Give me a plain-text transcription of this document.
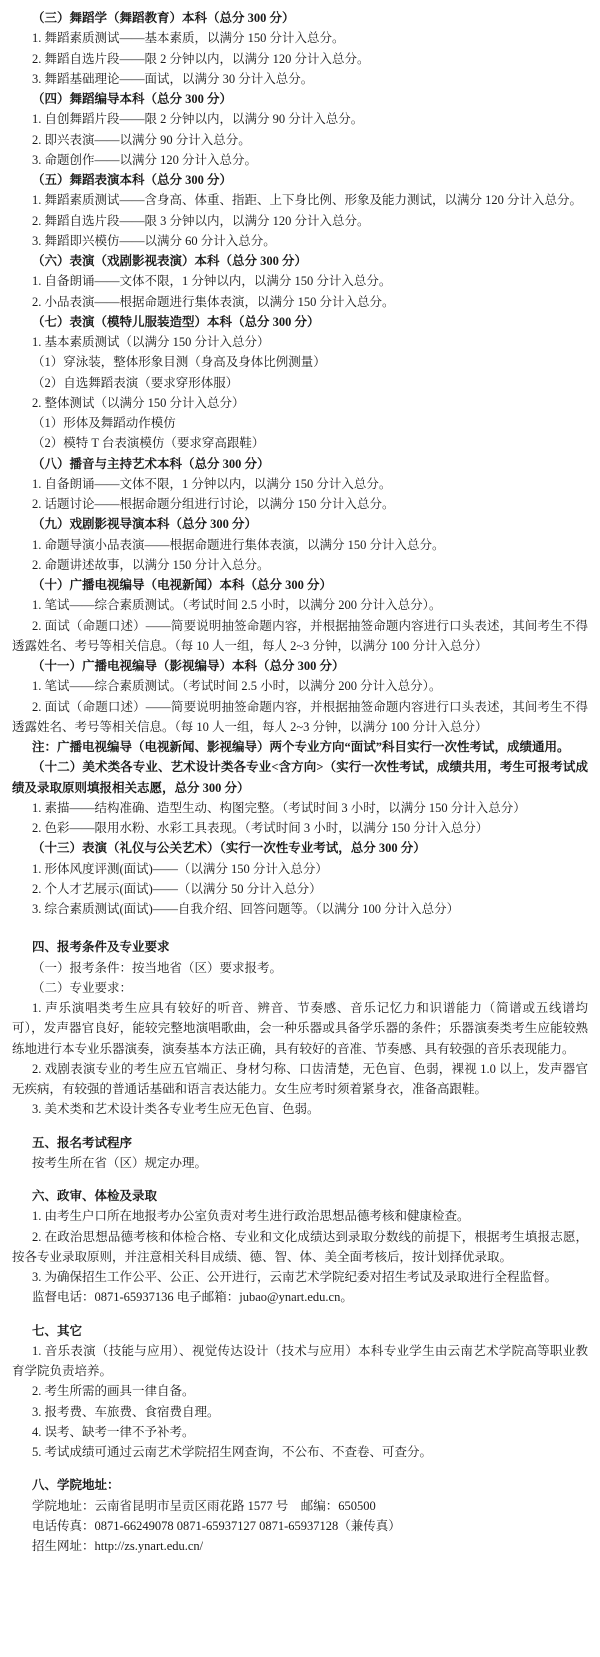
（三）舞蹈学（舞蹈教育）本科（总分 300 分）

1. 舞蹈素质测试——基本素质，以满分 150 分计入总分。

2. 舞蹈自选片段——限 2 分钟以内，以满分 120 分计入总分。

3. 舞蹈基础理论——面试，以满分 30 分计入总分。

（四）舞蹈编导本科（总分 300 分）

1. 自创舞蹈片段——限 2 分钟以内，以满分 90 分计入总分。

2. 即兴表演——以满分 90 分计入总分。

3. 命题创作——以满分 120 分计入总分。

（五）舞蹈表演本科（总分 300 分）

1. 舞蹈素质测试——含身高、体重、指距、上下身比例、形象及能力测试，以满分 120 分计入总分。

2. 舞蹈自选片段——限 3 分钟以内，以满分 120 分计入总分。

3. 舞蹈即兴模仿——以满分 60 分计入总分。

（六）表演（戏剧影视表演）本科（总分 300 分）

1. 自备朗诵——文体不限，1 分钟以内，以满分 150 分计入总分。

2. 小品表演——根据命题进行集体表演，以满分 150 分计入总分。

（七）表演（模特儿服装造型）本科（总分 300 分）

1. 基本素质测试（以满分 150 分计入总分）

（1）穿泳装，整体形象目测（身高及身体比例测量）

（2）自选舞蹈表演（要求穿形体服）

2. 整体测试（以满分 150 分计入总分）

（1）形体及舞蹈动作模仿

（2）模特 T 台表演模仿（要求穿高跟鞋）

（八）播音与主持艺术本科（总分 300 分）

1. 自备朗诵——文体不限，1 分钟以内，以满分 150 分计入总分。

2. 话题讨论——根据命题分组进行讨论，以满分 150 分计入总分。

（九）戏剧影视导演本科（总分 300 分）

1. 命题导演小品表演——根据命题进行集体表演，以满分 150 分计入总分。

2. 命题讲述故事，以满分 150 分计入总分。

（十）广播电视编导（电视新闻）本科（总分 300 分）

1. 笔试——综合素质测试。（考试时间 2.5 小时，以满分 200 分计入总分）。

2. 面试（命题口述）——简要说明抽签命题内容，并根据抽签命题内容进行口头表述，其间考生不得透露姓名、考号等相关信息。（每 10 人一组，每人 2~3 分钟，以满分 100 分计入总分）

（十一）广播电视编导（影视编导）本科（总分 300 分）

1. 笔试——综合素质测试。（考试时间 2.5 小时，以满分 200 分计入总分）。

2. 面试（命题口述）——简要说明抽签命题内容，并根据抽签命题内容进行口头表述，其间考生不得透露姓名、考号等相关信息。（每 10 人一组，每人 2~3 分钟，以满分 100 分计入总分）

注：广播电视编导（电视新闻、影视编导）两个专业方向“面试”科目实行一次性考试，成绩通用。

（十二）美术类各专业、艺术设计类各专业<含方向>（实行一次性考试，成绩共用，考生可报考试成绩及录取原则填报相关志愿，总分 300 分）

1. 素描——结构准确、造型生动、构图完整。（考试时间 3 小时，以满分 150 分计入总分）

2. 色彩——限用水粉、水彩工具表现。（考试时间 3 小时，以满分 150 分计入总分）

（十三）表演（礼仪与公关艺术）（实行一次性专业考试，总分 300 分）

1. 形体风度评测(面试)——（以满分 150 分计入总分）

2. 个人才艺展示(面试)——（以满分 50 分计入总分）

3. 综合素质测试(面试)——自我介绍、回答问题等。（以满分 100 分计入总分）

四、报考条件及专业要求

（一）报考条件：按当地省（区）要求报考。

（二）专业要求：

1. 声乐演唱类考生应具有较好的听音、辨音、节奏感、音乐记忆力和识谱能力（简谱或五线谱均可），发声器官良好，能较完整地演唱歌曲，会一种乐器或具备学乐器的条件；乐器演奏类考生应能较熟练地进行本专业乐器演奏，演奏基本方法正确，具有较好的音准、节奏感、具有较强的音乐表现能力。

2. 戏剧表演专业的考生应五官端正、身材匀称、口齿清楚，无色盲、色弱，裸视 1.0 以上，发声器官无疾病，有较强的普通话基础和语言表达能力。女生应考时须着紧身衣，准备高跟鞋。

3. 美术类和艺术设计类各专业考生应无色盲、色弱。

五、报名考试程序

按考生所在省（区）规定办理。

六、政审、体检及录取

1. 由考生户口所在地报考办公室负责对考生进行政治思想品德考核和健康检查。

2. 在政治思想品德考核和体检合格、专业和文化成绩达到录取分数线的前提下，根据考生填报志愿，按各专业录取原则，并注意相关科目成绩、德、智、体、美全面考核后，按计划择优录取。

3. 为确保招生工作公平、公正、公开进行，云南艺术学院纪委对招生考试及录取进行全程监督。

监督电话：0871-65937136 电子邮箱：jubao@ynart.edu.cn。

七、其它

1. 音乐表演（技能与应用）、视觉传达设计（技术与应用）本科专业学生由云南艺术学院高等职业教育学院负责培养。

2. 考生所需的画具一律自备。

3. 报考费、车旅费、食宿费自理。

4. 误考、缺考一律不予补考。

5. 考试成绩可通过云南艺术学院招生网查询，不公布、不查卷、可查分。

八、学院地址：

学院地址：云南省昆明市呈贡区雨花路 1577 号　邮编：650500

电话传真：0871-66249078 0871-65937127 0871-65937128（兼传真）

招生网址：http://zs.ynart.edu.cn/
